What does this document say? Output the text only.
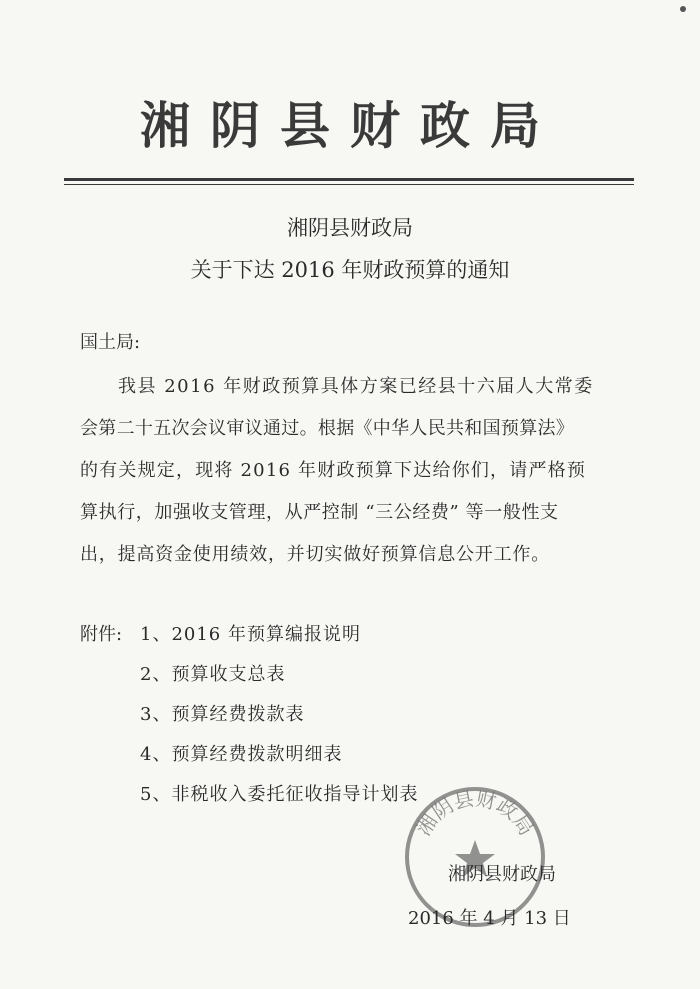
湘阴县财政局
湘阴县财政局
关于下达 2016 年财政预算的通知
国土局:
我县 2016 年财政预算具体方案已经县十六届人大常委
会第二十五次会议审议通过。根据《中华人民共和国预算法》
的有关规定，现将 2016 年财政预算下达给你们，请严格预
算执行，加强收支管理，从严控制 “三公经费” 等一般性支
出，提高资金使用绩效，并切实做好预算信息公开工作。
附件: 1、2016 年预算编报说明
2、预算收支总表
3、预算经费拨款表
4、预算经费拨款明细表
5、非税收入委托征收指导计划表
湘阴县财政局
湘阴县财政局
2016 年 4 月 13 日
